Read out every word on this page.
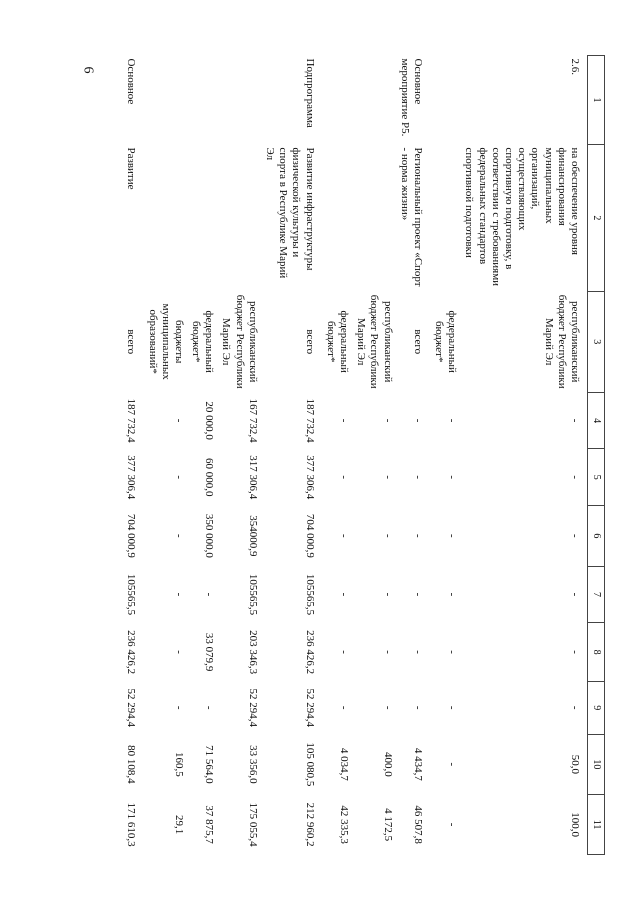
6
1	2	3	4	5	6	7	8	9	10	11
2.6.	на обеспечение уровня финансирования муниципальных организаций, осуществляющих спортивную подготовку, в соответствии с требованиями федеральных стандартов спортивной подготовки	республиканский бюджет Республики Марий Эл	-	-	-	-	-	-	50,0	100,0
		федеральный бюджет*	-	-	-	-	-	-	-	-
Основное мероприятие Р5.	Региональный проект «Спорт - норма жизни»	всего	-	-	-	-	-	-	4 434,7	46 507,8
		республиканский бюджет Республики Марий Эл	-	-	-	-	-	-	400,0	4 172,5
		федеральный бюджет*	-	-	-	-	-	-	4 034,7	42 335,3
Подпрограмма	Развитие инфраструктуры физической культуры и спорта в Республике Марий Эл	всего	187 732,4	377 306,4	704 000,9	105565,5	236 426,2	52 294,4	105 080,5	212 960,2
		республиканский бюджет Республики Марий Эл	167 732,4	317 306,4	354000,9	105565,5	203 346,3	52 294,4	33 356,0	175 055,4
		федеральный бюджет*	20 000,0	60 000,0	350 000,0	-	33 079,9	-	71 564,0	37 875,7
		бюджеты муниципальных образований*	-	-	-	-	-	-	160,5	29,1
Основное	Развитие	всего	187 732,4	377 306,4	704 000,9	105565,5	236 426,2	52 294,4	80 108,4	171 610,3
